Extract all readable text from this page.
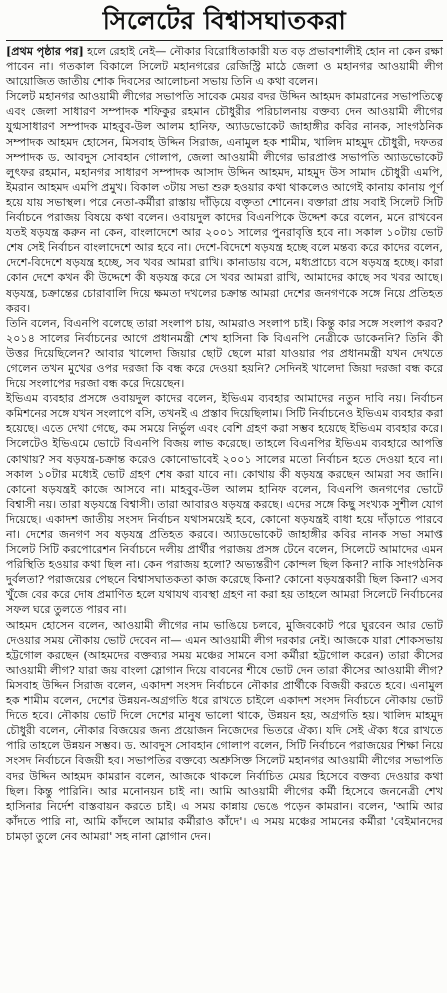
সিলেটের বিশ্বাসঘাতকরা

[প্রথম পৃষ্ঠার পর] হলে রেহাই নেই— নৌকার বিরোধিতাকারী যত বড় প্রভাবশালীই হোন না কেন রক্ষা পাবেন না। গতকাল বিকালে সিলেট মহানগরের রেজিস্ট্রি মাঠে জেলা ও মহানগর আওয়ামী লীগ আয়োজিত জাতীয় শোক দিবসের আলোচনা সভায় তিনি এ কথা বলেন।

সিলেট মহানগর আওয়ামী লীগের সভাপতি সাবেক মেয়র বদর উদ্দিন আহমদ কামরানের সভাপতিত্বে এবং জেলা সাধারণ সম্পাদক শফিকুর রহমান চৌধুরীর পরিচালনায় বক্তব্য দেন আওয়ামী লীগের যুগ্মসাধারণ সম্পাদক মাহবুব-উল আলম হানিফ, অ্যাডভোকেট জাহাঙ্গীর কবির নানক, সাংগঠনিক সম্পাদক আহমদ হোসেন, মিসবাহ উদ্দিন সিরাজ, এনামুল হক শামীম, খালিদ মাহমুদ চৌধুরী, দফতর সম্পাদক ড. আবদুস সোবহান গোলাপ, জেলা আওয়ামী লীগের ভারপ্রাপ্ত সভাপতি অ্যাডভোকেট লুৎফর রহমান, মহানগর সাধারণ সম্পাদক আসাদ উদ্দিন আহমদ, মাহমুদ উস সামাদ চৌধুরী এমপি, ইমরান আহমদ এমপি প্রমুখ। বিকাল ৩টায় সভা শুরু হওয়ার কথা থাকলেও আগেই কানায় কানায় পূর্ণ হয়ে যায় সভাস্থল। পরে নেতা-কর্মীরা রাস্তায় দাঁড়িয়ে বক্তৃতা শোনেন। বক্তারা প্রায় সবাই সিলেট সিটি নির্বাচনে পরাজয় বিষয়ে কথা বলেন। ওবায়দুল কাদের বিএনপিকে উদ্দেশ করে বলেন, মনে রাখবেন যতই ষড়যন্ত্র করুন না কেন, বাংলাদেশে আর ২০০১ সালের পুনরাবৃত্তি হবে না। সকাল ১০টায় ভোট শেষ সেই নির্বাচন বাংলাদেশে আর হবে না। দেশে-বিদেশে ষড়যন্ত্র হচ্ছে বলে মন্তব্য করে কাদের বলেন, দেশে-বিদেশে ষড়যন্ত্র হচ্ছে, সব খবর আমরা রাখি। কানাডায় বসে, মধ্যপ্রাচ্যে বসে ষড়যন্ত্র হচ্ছে। কারা কোন দেশে কখন কী উদ্দেশে কী ষড়যন্ত্র করে সে খবর আমরা রাখি, আমাদের কাছে সব খবর আছে। ষড়যন্ত্র, চক্রান্তের চোরাবালি দিয়ে ক্ষমতা দখলের চক্রান্ত আমরা দেশের জনগণকে সঙ্গে নিয়ে প্রতিহত করব।

তিনি বলেন, বিএনপি বলেছে তারা সংলাপ চায়, আমরাও সংলাপ চাই। কিন্তু কার সঙ্গে সংলাপ করব? ২০১৪ সালের নির্বাচনের আগে প্রধানমন্ত্রী শেখ হাসিনা কি বিএনপি নেত্রীকে ডাকেননি? তিনি কী উত্তর দিয়েছিলেন? আবার খালেদা জিয়ার ছোট ছেলে মারা যাওয়ার পর প্রধানমন্ত্রী যখন দেখতে গেলেন তখন মুখের ওপর দরজা কি বন্ধ করে দেওয়া হয়নি? সেদিনই খালেদা জিয়া দরজা বন্ধ করে দিয়ে সংলাপের দরজা বন্ধ করে দিয়েছেন।

ইভিএম ব্যবহার প্রসঙ্গে ওবায়দুল কাদের বলেন, ইভিএম ব্যবহার আমাদের নতুন দাবি নয়। নির্বাচন কমিশনের সঙ্গে যখন সংলাপে বসি, তখনই এ প্রস্তাব দিয়েছিলাম। সিটি নির্বাচনেও ইভিএম ব্যবহার করা হয়েছে। এতে দেখা গেছে, কম সময়ে নির্ভুল এবং বেশি গ্রহণ করা সম্ভব হয়েছে ইভিএম ব্যবহার করে। সিলেটেও ইভিএমে ভোটে বিএনপি বিজয় লাভ করেছে। তাহলে বিএনপির ইভিএম ব্যবহারে আপত্তি কোথায়? সব ষড়যন্ত্র-চক্রান্ত করেও কোনোভাবেই ২০০১ সালের মতো নির্বাচন হতে দেওয়া হবে না। সকাল ১০টার মধ্যেই ভোট গ্রহণ শেষ করা যাবে না। কোথায় কী ষড়যন্ত্র করছেন আমরা সব জানি। কোনো ষড়যন্ত্রই কাজে আসবে না। মাহবুব-উল আলম হানিফ বলেন, বিএনপি জনগণের ভোটে বিশ্বাসী নয়। তারা ষড়যন্ত্রে বিশ্বাসী। তারা আবারও ষড়যন্ত্র করছে। এদের সঙ্গে কিছু সংখ্যক সুশীল যোগ দিয়েছে। একাদশ জাতীয় সংসদ নির্বাচন যথাসময়েই হবে, কোনো ষড়যন্ত্রই বাধা হয়ে দাঁড়াতে পারবে না। দেশের জনগণ সব ষড়যন্ত্র প্রতিহত করবে। অ্যাডভোকেট জাহাঙ্গীর কবির নানক সভা সমাপ্ত সিলেট সিটি করপোরেশন নির্বাচনে দলীয় প্রার্থীর পরাজয় প্রসঙ্গ টেনে বলেন, সিলেটে আমাদের এমন পরিস্থিতি হওয়ার কথা ছিল না। কেন পরাজয় হলো? অভ্যন্তরীণ কোন্দল ছিল কিনা? নাকি সাংগঠনিক দুর্বলতা? পরাজয়ের পেছনে বিশ্বাসঘাতকতা কাজ করেছে কিনা? কোনো ষড়যন্ত্রকারী ছিল কিনা? এসব খুঁজে বের করে দোষ প্রমাণিত হলে যথাযথ ব্যবস্থা গ্রহণ না করা হয় তাহলে আমরা সিলেটে নির্বাচনের সফল ঘরে তুলতে পারব না।

আহমদ হোসেন বলেন, আওয়ামী লীগের নাম ভাঙিয়ে চলবে, মুজিবকোট পরে ঘুরবেন আর ভোট দেওয়ার সময় নৌকায় ভোট দেবেন না— এমন আওয়ামী লীগ দরকার নেই। আজকে যারা শোকসভায় হট্টগোল করছেন (আহমদের বক্তব্যর সময় মঞ্চের সামনে বসা কর্মীরা হট্টগোল করেন) তারা কীসের আওয়ামী লীগ? যারা জয় বাংলা স্লোগান দিয়ে বাবনের শীষে ভোট দেন তারা কীসের আওয়ামী লীগ? মিসবাহ উদ্দিন সিরাজ বলেন, একাদশ সংসদ নির্বাচনে নৌকার প্রার্থীকে বিজয়ী করতে হবে। এনামুল হক শামীম বলেন, দেশের উন্নয়ন-অগ্রগতি ধরে রাখতে চাইলে একাদশ সংসদ নির্বাচনে নৌকায় ভোট দিতে হবে। নৌকায় ভোট দিলে দেশের মানুষ ভালো থাকে, উন্নয়ন হয়, অগ্রগতি হয়। খালিদ মাহমুদ চৌধুরী বলেন, নৌকার বিজয়ের জন্য প্রয়োজন নিজেদের ভিতরে ঐক্য। যদি সেই ঐক্য ধরে রাখতে পারি তাহলে উন্নয়ন সম্ভব। ড. আবদুস সোবহান গোলাপ বলেন, সিটি নির্বাচনে পরাজয়ের শিক্ষা নিয়ে সংসদ নির্বাচনে বিজয়ী হব। সভাপতির বক্তব্যে অশ্রুসিক্ত সিলেট মহানগর আওয়ামী লীগের সভাপতি বদর উদ্দিন আহমদ কামরান বলেন, আজকে থাকলে নির্বাচিত মেয়র হিসেবে বক্তব্য দেওয়ার কথা ছিল। কিন্তু পারিনি। আর মনোনয়ন চাই না। আমি আওয়ামী লীগের কর্মী হিসেবে জননেত্রী শেখ হাসিনার নির্দেশ বাস্তবায়ন করতে চাই। এ সময় কান্নায় ভেঙে পড়েন কামরান। বলেন, 'আমি আর কাঁদতে পারি না, আমি কাঁদলে আমার কর্মীরাও কাঁদে'। এ সময় মঞ্চের সামনের কর্মীরা 'বেইমানদের চামড়া তুলে নেব আমরা' সহ নানা স্লোগান দেন।
